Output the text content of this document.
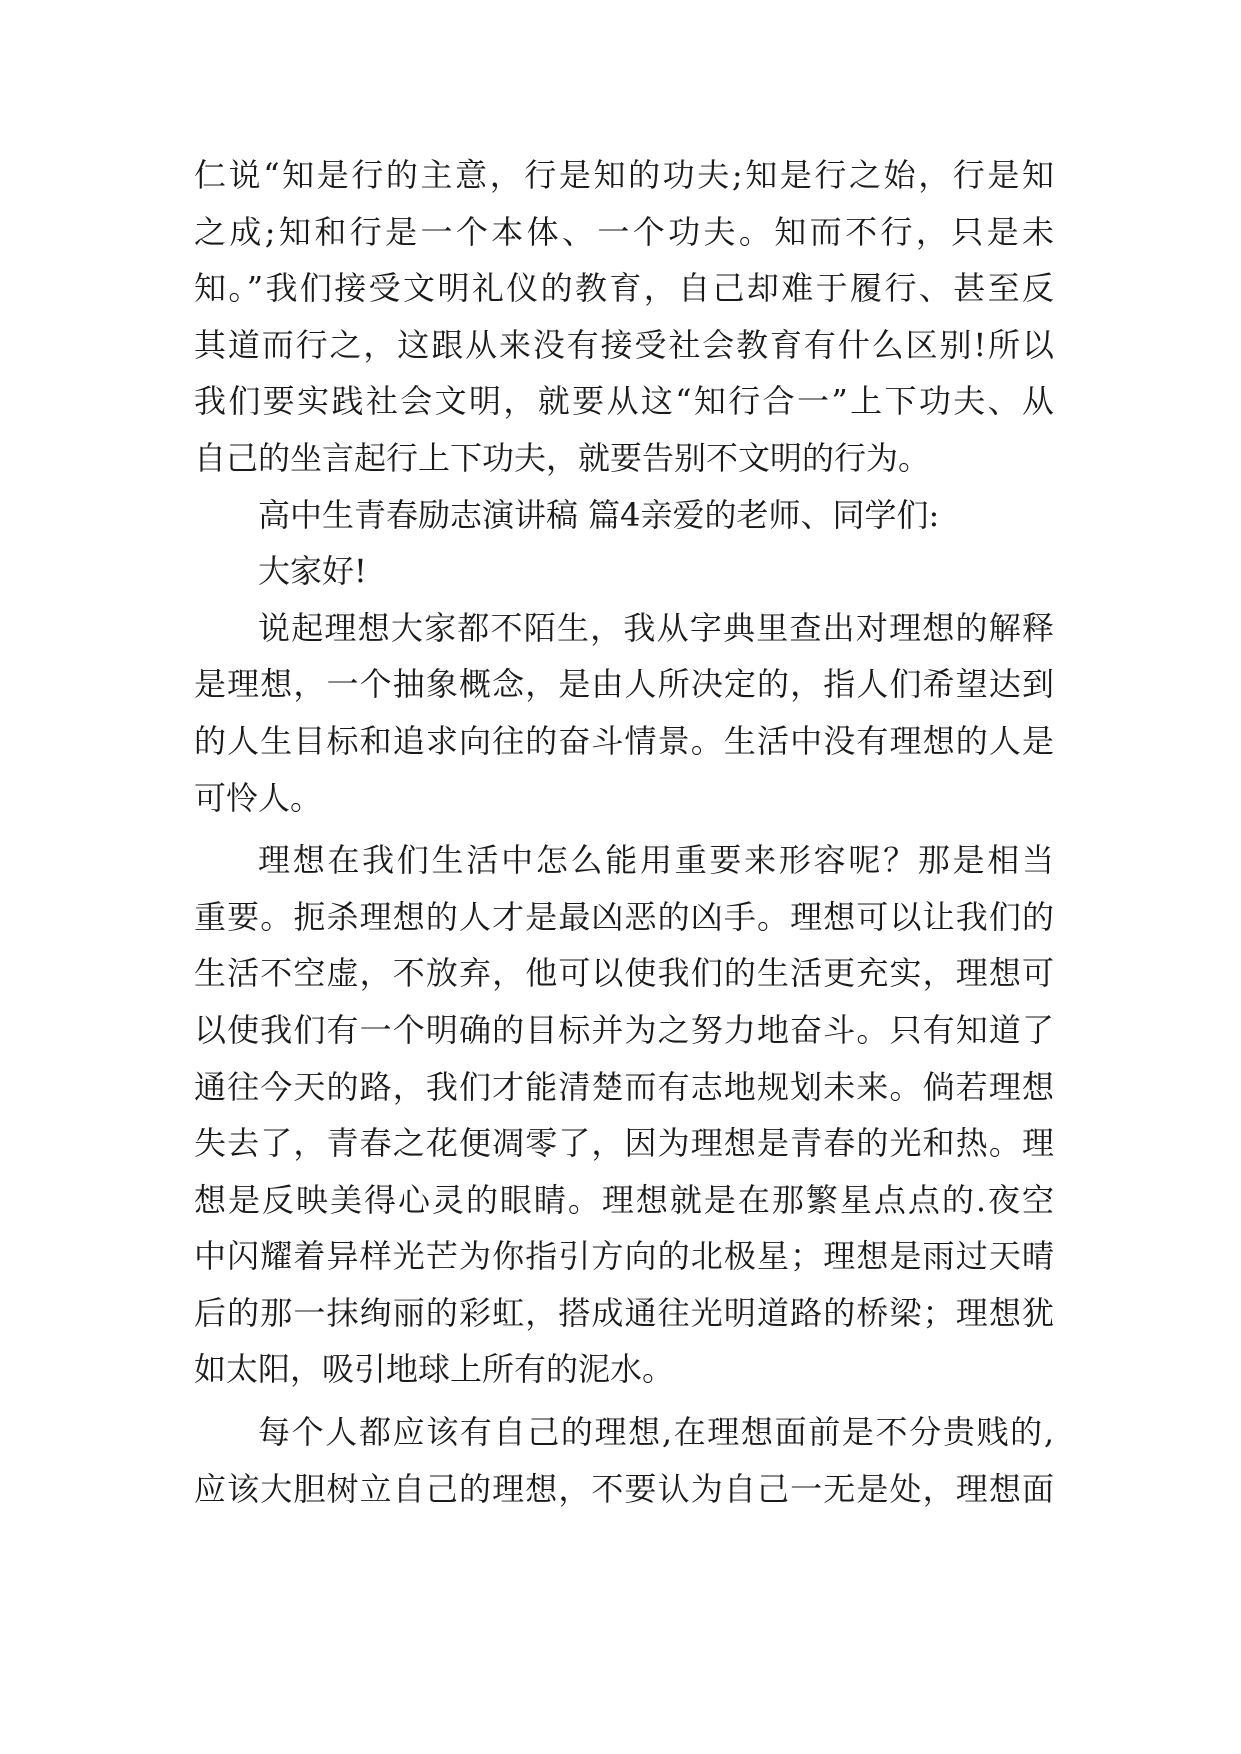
仁说“知是行的主意，行是知的功夫;知是行之始，行是知
之成;知和行是一个本体、一个功夫。知而不行，只是未
知。”我们接受文明礼仪的教育，自己却难于履行、甚至反
其道而行之，这跟从来没有接受社会教育有什么区别!所以
我们要实践社会文明，就要从这“知行合一”上下功夫、从
自己的坐言起行上下功夫，就要告别不文明的行为。
高中生青春励志演讲稿 篇4亲爱的老师、同学们:
大家好!
说起理想大家都不陌生，我从字典里查出对理想的解释
是理想，一个抽象概念，是由人所决定的，指人们希望达到
的人生目标和追求向往的奋斗情景。生活中没有理想的人是
可怜人。
理想在我们生活中怎么能用重要来形容呢？那是相当
重要。扼杀理想的人才是最凶恶的凶手。理想可以让我们的
生活不空虚，不放弃，他可以使我们的生活更充实，理想可
以使我们有一个明确的目标并为之努力地奋斗。只有知道了
通往今天的路，我们才能清楚而有志地规划未来。倘若理想
失去了，青春之花便凋零了，因为理想是青春的光和热。理
想是反映美得心灵的眼睛。理想就是在那繁星点点的.夜空
中闪耀着异样光芒为你指引方向的北极星；理想是雨过天晴
后的那一抹绚丽的彩虹，搭成通往光明道路的桥梁；理想犹
如太阳，吸引地球上所有的泥水。
每个人都应该有自己的理想,在理想面前是不分贵贱的,
应该大胆树立自己的理想，不要认为自己一无是处，理想面
